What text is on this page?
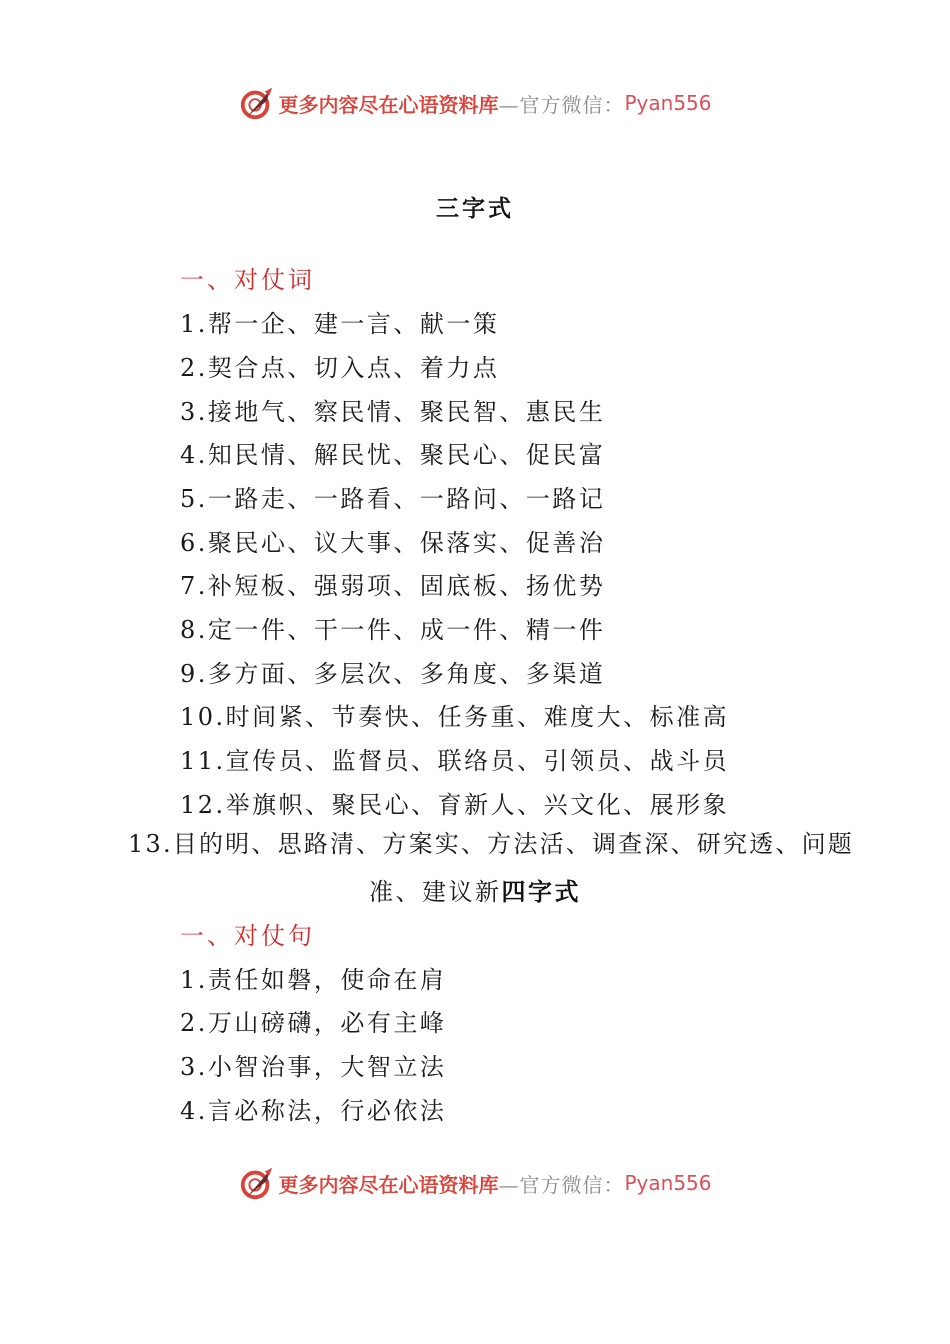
更多内容尽在心语资料库 —官方微信： Pyan556
三字式
一、对仗词
1.帮一企、建一言、献一策
2.契合点、切入点、着力点
3.接地气、察民情、聚民智、惠民生
4.知民情、解民忧、聚民心、促民富
5.一路走、一路看、一路问、一路记
6.聚民心、议大事、保落实、促善治
7.补短板、强弱项、固底板、扬优势
8.定一件、干一件、成一件、精一件
9.多方面、多层次、多角度、多渠道
10.时间紧、节奏快、任务重、难度大、标准高
11.宣传员、监督员、联络员、引领员、战斗员
12.举旗帜、聚民心、育新人、兴文化、展形象
13.目的明、思路清、方案实、方法活、调查深、研究透、问题
准、建议新四字式
一、对仗句
1.责任如磐，使命在肩
2.万山磅礴，必有主峰
3.小智治事，大智立法
4.言必称法，行必依法
更多内容尽在心语资料库 —官方微信： Pyan556
